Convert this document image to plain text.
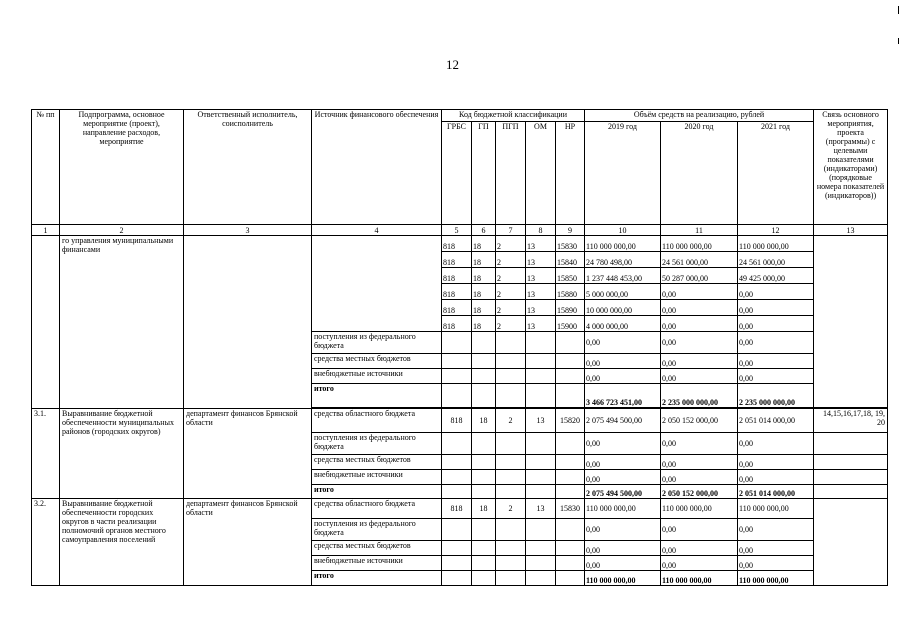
12
№ пп	Подпрограмма, основное мероприятие (проект), направление расходов, мероприятие	Ответственный исполнитель, соисполнитель	Источник финансового обеспечения	Код бюджетной классификации					Объём средств на реализацию, рублей			Связь основного мероприятия, проекта (программы) с целевыми показателями (индикаторами) (порядковые номера показателей (индикаторов))
				ГРБС	ГП	ПГП	ОМ	НР	2019 год	2020 год	2021 год	
1	2	3	4	5	6	7	8	9	10	11	12	13
	го управления муниципальными финансами			818	18	2	13	15830	110 000 000,00	110 000 000,00	110 000 000,00	
				818	18	2	13	15840	24 780 498,00	24 561 000,00	24 561 000,00	
				818	18	2	13	15850	1 237 448 453,00	50 287 000,00	49 425 000,00	
				818	18	2	13	15880	5 000 000,00	0,00	0,00	
				818	18	2	13	15890	10 000 000,00	0,00	0,00	
				818	18	2	13	15900	4 000 000,00	0,00	0,00	
			поступления из федерального бюджета						0,00	0,00	0,00	
			средства местных бюджетов						0,00	0,00	0,00	
			внебюджетные источники						0,00	0,00	0,00	
			итого						3 466 723 451,00	2 235 000 000,00	2 235 000 000,00	

3.1.	Выравнивание бюджетной обеспеченности муниципальных районов (городских округов)	департамент финансов Брянской области	средства областного бюджета	818	18	2	13	15820	2 075 494 500,00	2 050 152 000,00	2 051 014 000,00	14,15,16,17,18, 19, 20
			поступления из федерального бюджета						0,00	0,00	0,00	
			средства местных бюджетов						0,00	0,00	0,00	
			внебюджетные источники						0,00	0,00	0,00	
			итого						2 075 494 500,00	2 050 152 000,00	2 051 014 000,00	
3.2.	Выравнивание бюджетной обеспеченности городских округов в части реализации полномочий органов местного самоуправления поселений	департамент финансов Брянской области	средства областного бюджета	818	18	2	13	15830	110 000 000,00	110 000 000,00	110 000 000,00	
			поступления из федерального бюджета						0,00	0,00	0,00	
			средства местных бюджетов						0,00	0,00	0,00	
			внебюджетные источники						0,00	0,00	0,00	
			итого						110 000 000,00	110 000 000,00	110 000 000,00	
